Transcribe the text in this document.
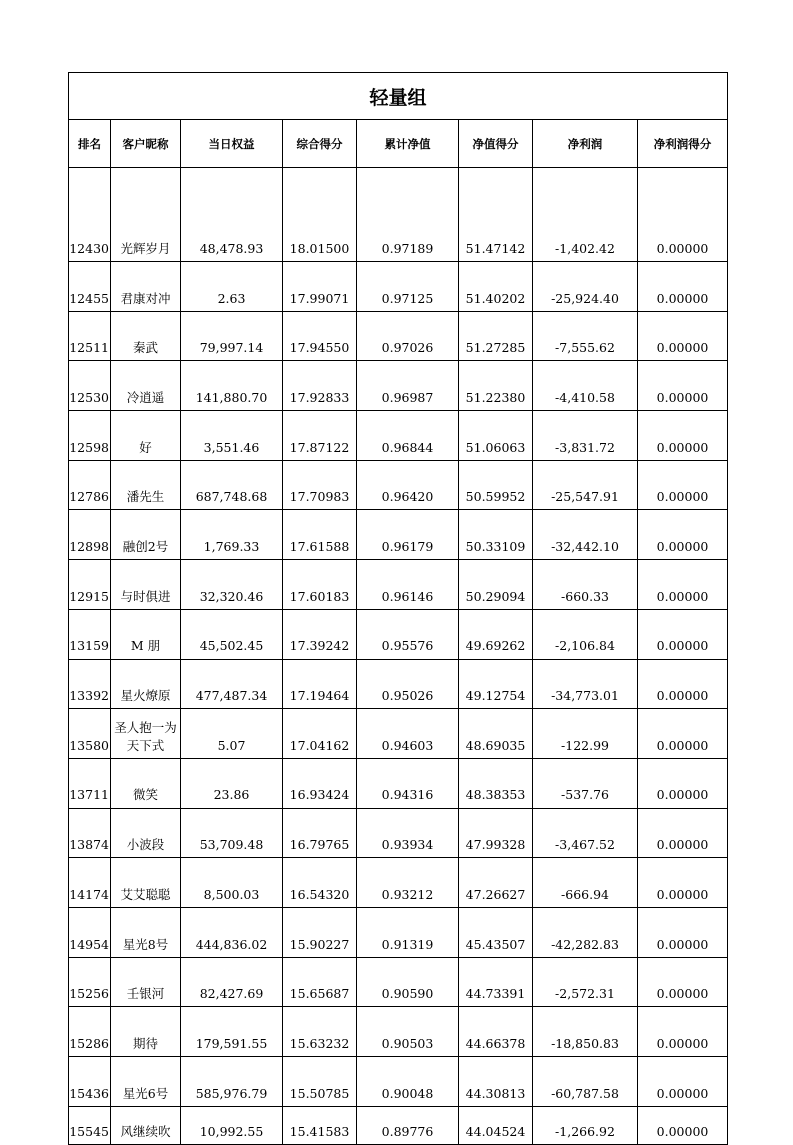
轻量组							
排名	客户昵称	当日权益	综合得分	累计净值	净值得分	净利润	净利润得分
12430	光辉岁月	48,478.93	18.01500	0.97189	51.47142	-1,402.42	0.00000
12455	君康对冲	2.63	17.99071	0.97125	51.40202	-25,924.40	0.00000
12511	秦武	79,997.14	17.94550	0.97026	51.27285	-7,555.62	0.00000
12530	冷逍遥	141,880.70	17.92833	0.96987	51.22380	-4,410.58	0.00000
12598	好	3,551.46	17.87122	0.96844	51.06063	-3,831.72	0.00000
12786	潘先生	687,748.68	17.70983	0.96420	50.59952	-25,547.91	0.00000
12898	融创2号	1,769.33	17.61588	0.96179	50.33109	-32,442.10	0.00000
12915	与时俱进	32,320.46	17.60183	0.96146	50.29094	-660.33	0.00000
13159	M 朋	45,502.45	17.39242	0.95576	49.69262	-2,106.84	0.00000
13392	星火燎原	477,487.34	17.19464	0.95026	49.12754	-34,773.01	0.00000
13580	圣人抱一为天下式	5.07	17.04162	0.94603	48.69035	-122.99	0.00000
13711	微笑	23.86	16.93424	0.94316	48.38353	-537.76	0.00000
13874	小波段	53,709.48	16.79765	0.93934	47.99328	-3,467.52	0.00000
14174	艾艾聪聪	8,500.03	16.54320	0.93212	47.26627	-666.94	0.00000
14954	星光8号	444,836.02	15.90227	0.91319	45.43507	-42,282.83	0.00000
15256	壬银河	82,427.69	15.65687	0.90590	44.73391	-2,572.31	0.00000
15286	期待	179,591.55	15.63232	0.90503	44.66378	-18,850.83	0.00000
15436	星光6号	585,976.79	15.50785	0.90048	44.30813	-60,787.58	0.00000
15545	风继续吹	10,992.55	15.41583	0.89776	44.04524	-1,266.92	0.00000
